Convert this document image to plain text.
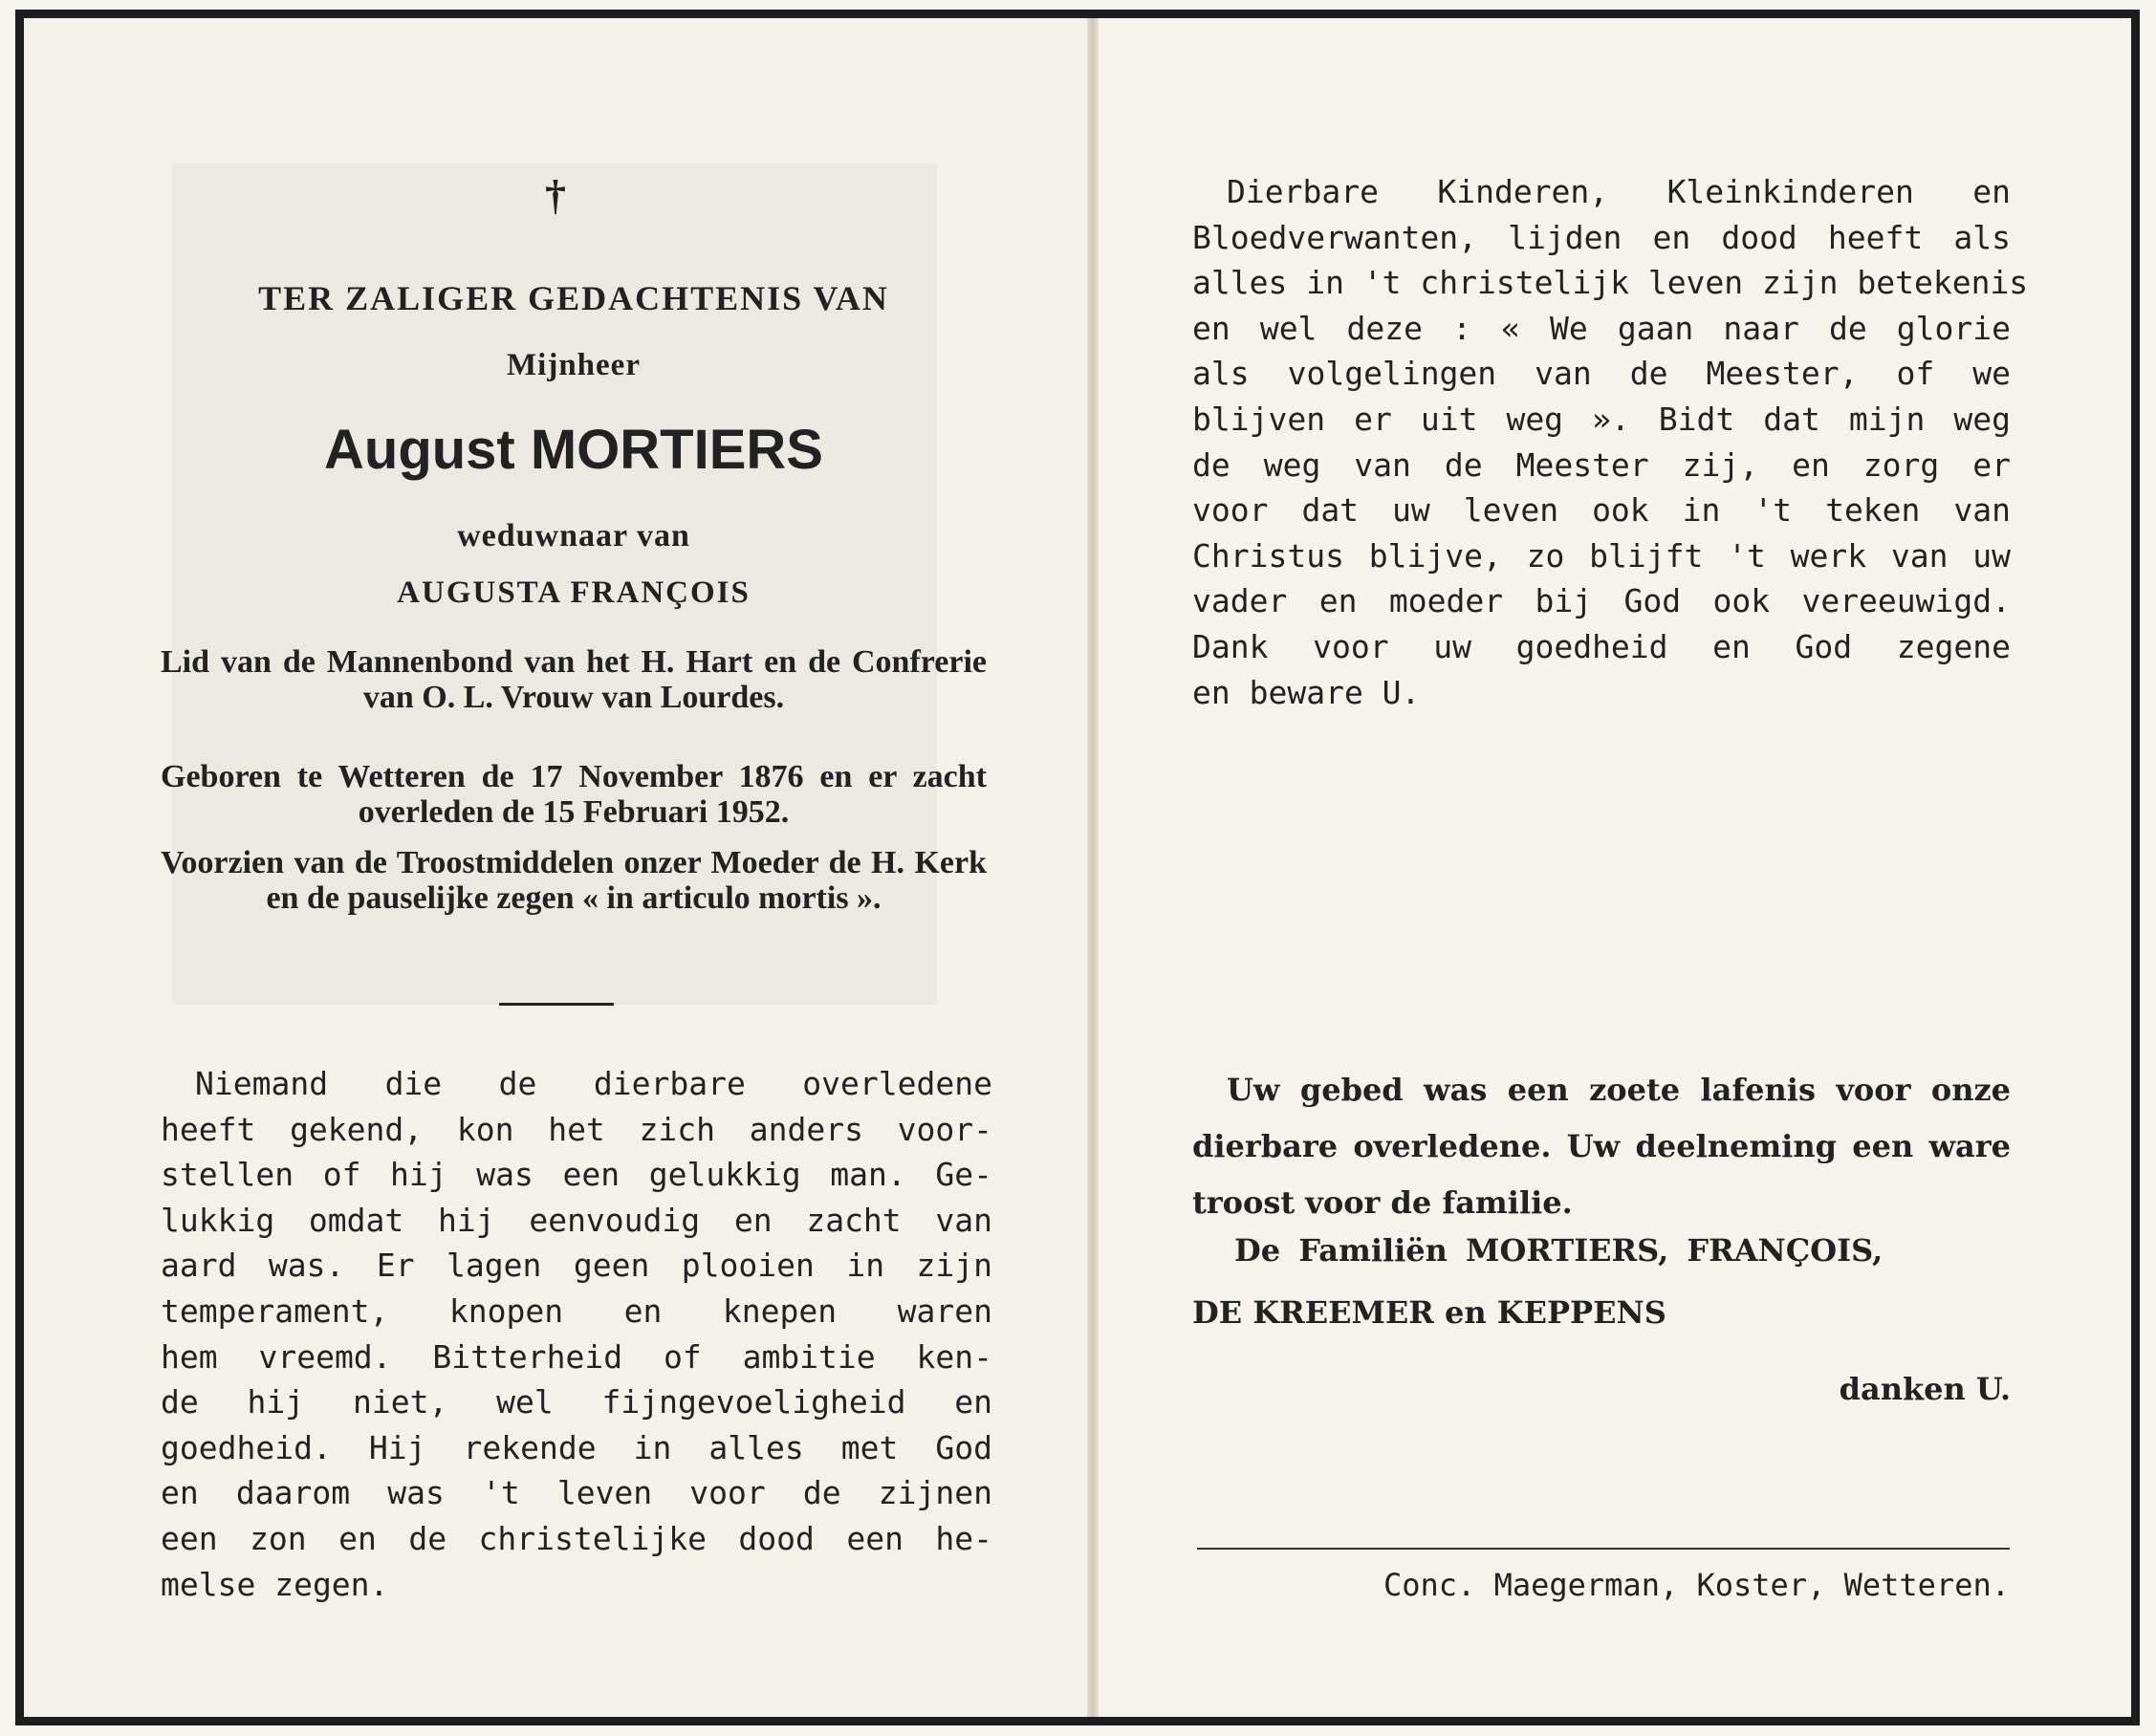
†
TER ZALIGER GEDACHTENIS VAN
Mijnheer
August MORTIERS
weduwnaar van
AUGUSTA FRANÇOIS
Lid van de Mannenbond van het H. Hart en de Confrerie van O. L. Vrouw van Lourdes.
Geboren te Wetteren de 17 November 1876 en er zacht overleden de 15 Februari 1952.
Voorzien van de Troostmiddelen onzer Moeder de H. Kerk en de pauselijke zegen « in articulo mortis ».
Niemand die de dierbare overledene
heeft gekend, kon het zich anders voor-
stellen of hij was een gelukkig man. Ge-
lukkig omdat hij eenvoudig en zacht van
aard was. Er lagen geen plooien in zijn
temperament, knopen en knepen waren
hem vreemd. Bitterheid of ambitie ken-
de hij niet, wel fijngevoeligheid en
goedheid. Hij rekende in alles met God
en daarom was 't leven voor de zijnen
een zon en de christelijke dood een he-
melse zegen.
Dierbare Kinderen, Kleinkinderen en
Bloedverwanten, lijden en dood heeft als
alles in 't christelijk leven zijn betekenis
en wel deze : « We gaan naar de glorie
als volgelingen van de Meester, of we
blijven er uit weg ». Bidt dat mijn weg
de weg van de Meester zij, en zorg er
voor dat uw leven ook in 't teken van
Christus blijve, zo blijft 't werk van uw
vader en moeder bij God ook vereeuwigd.
Dank voor uw goedheid en God zegene
en beware U.
Uw gebed was een zoete lafenis voor onze dierbare overledene. Uw deelneming een ware troost voor de familie.
De Familiën MORTIERS, FRANÇOIS,
DE KREEMER en KEPPENS
danken U.
Conc. Maegerman, Koster, Wetteren.
